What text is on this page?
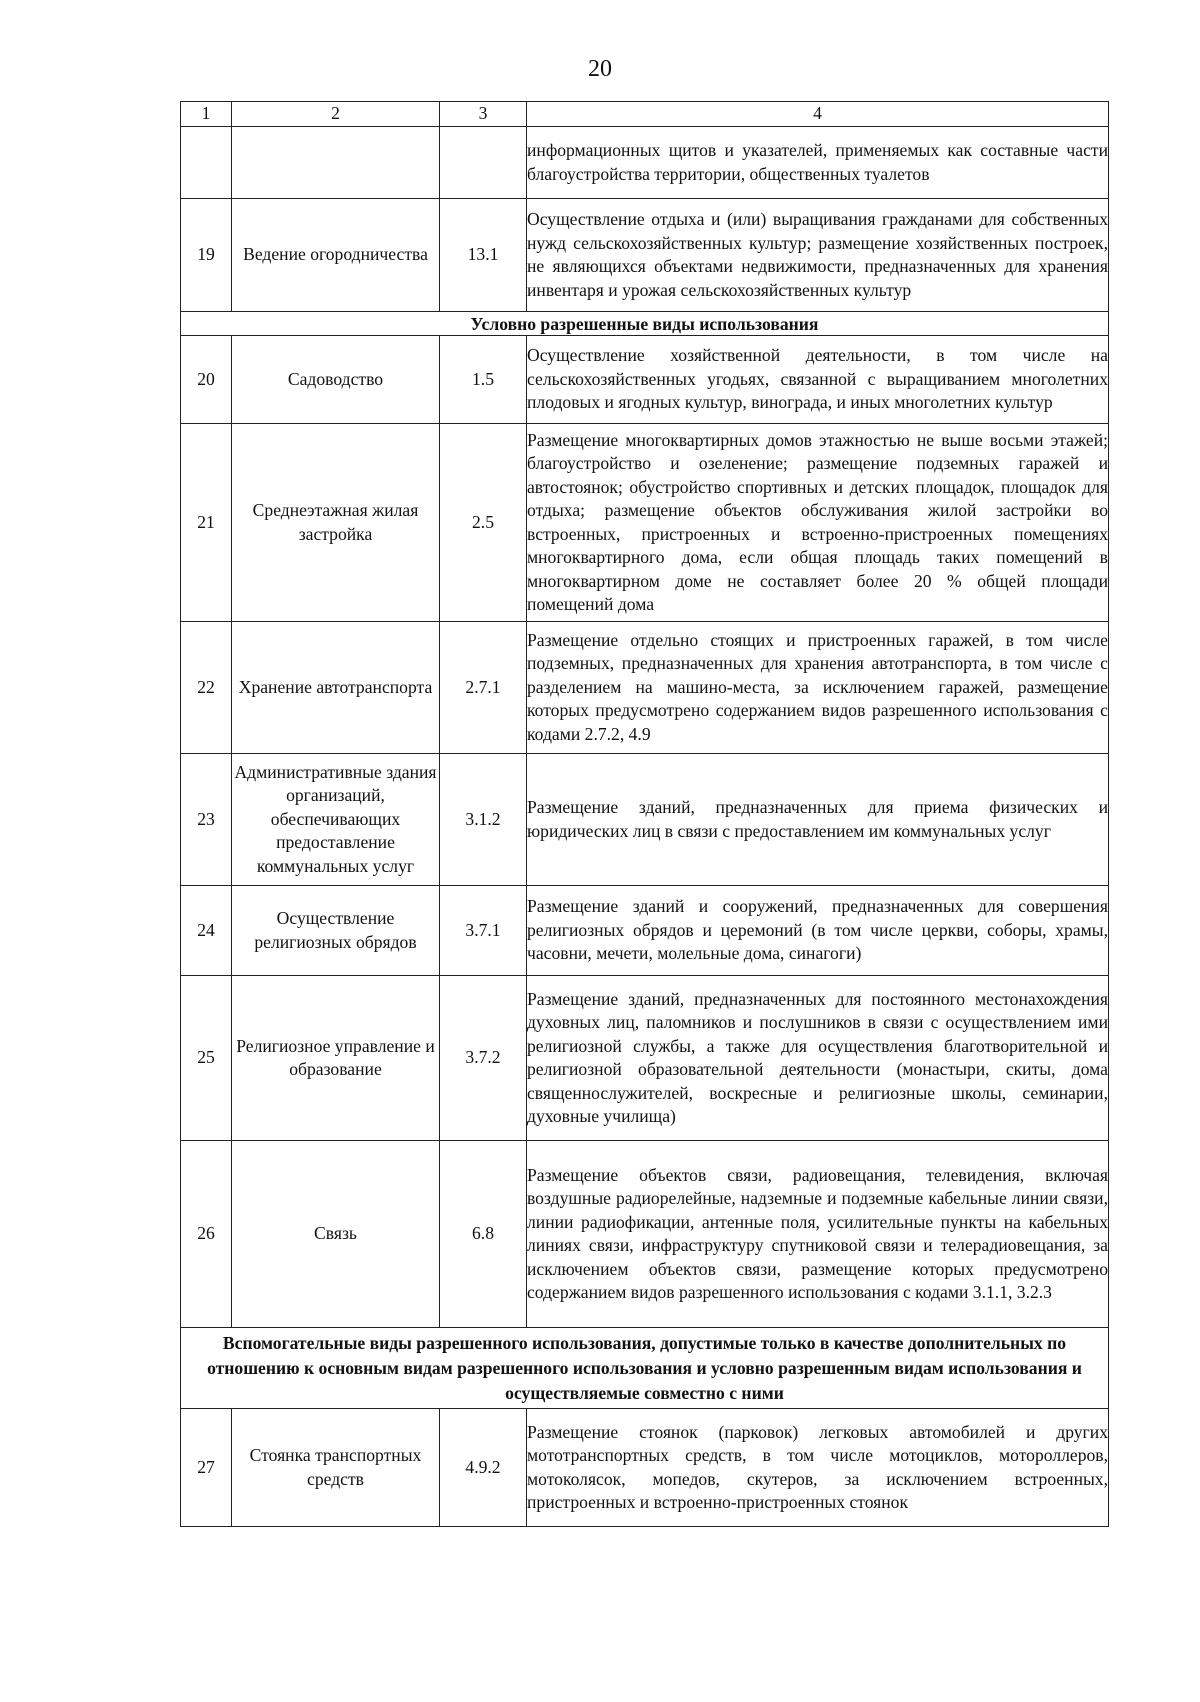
20
1	2	3	4
			информационных щитов и указателей, применяемых как составные части благоустройства территории, общественных туалетов
19	Ведение огородничества	13.1	Осуществление отдыха и (или) выращивания гражданами для собственных нужд сельскохозяйственных культур; размещение хозяйственных построек, не являющихся объектами недвижимости, предназначенных для хранения инвентаря и урожая сельскохозяйственных культур
Условно разрешенные виды использования			
20	Садоводство	1.5	Осуществление хозяйственной деятельности, в том числе на сельскохозяйственных угодьях, связанной с выращиванием многолетних плодовых и ягодных культур, винограда, и иных многолетних культур
21	Среднеэтажная жилая застройка	2.5	Размещение многоквартирных домов этажностью не выше восьми этажей; благоустройство и озеленение; размещение подземных гаражей и автостоянок; обустройство спортивных и детских площадок, площадок для отдыха; размещение объектов обслуживания жилой застройки во встроенных, пристроенных и встроенно-пристроенных помещениях многоквартирного дома, если общая площадь таких помещений в многоквартирном доме не составляет более 20 % общей площади помещений дома
22	Хранение автотранспорта	2.7.1	Размещение отдельно стоящих и пристроенных гаражей, в том числе подземных, предназначенных для хранения автотранспорта, в том числе с разделением на машино-места, за исключением гаражей, размещение которых предусмотрено содержанием видов разрешенного использования с кодами 2.7.2, 4.9
23	Административные здания организаций, обеспечивающих предоставление коммунальных услуг	3.1.2	Размещение зданий, предназначенных для приема физических и юридических лиц в связи с предоставлением им коммунальных услуг
24	Осуществление религиозных обрядов	3.7.1	Размещение зданий и сооружений, предназначенных для совершения религиозных обрядов и церемоний (в том числе церкви, соборы, храмы, часовни, мечети, молельные дома, синагоги)
25	Религиозное управление и образование	3.7.2	Размещение зданий, предназначенных для постоянного местонахождения духовных лиц, паломников и послушников в связи с осуществлением ими религиозной службы, а также для осуществления благотворительной и религиозной образовательной деятельности (монастыри, скиты, дома священнослужителей, воскресные и религиозные школы, семинарии, духовные училища)
26	Связь	6.8	Размещение объектов связи, радиовещания, телевидения, включая воздушные радиорелейные, надземные и подземные кабельные линии связи, линии радиофикации, антенные поля, усилительные пункты на кабельных линиях связи, инфраструктуру спутниковой связи и телерадиовещания, за исключением объектов связи, размещение которых предусмотрено содержанием видов разрешенного использования с кодами 3.1.1, 3.2.3
Вспомогательные виды разрешенного использования, допустимые только в качестве дополнительных по отношению к основным видам разрешенного использования и условно разрешенным видам использования и осуществляемые совместно с ними			
27	Стоянка транспортных средств	4.9.2	Размещение стоянок (парковок) легковых автомобилей и других мототранспортных средств, в том числе мотоциклов, мотороллеров, мотоколясок, мопедов, скутеров, за исключением встроенных, пристроенных и встроенно-пристроенных стоянок
